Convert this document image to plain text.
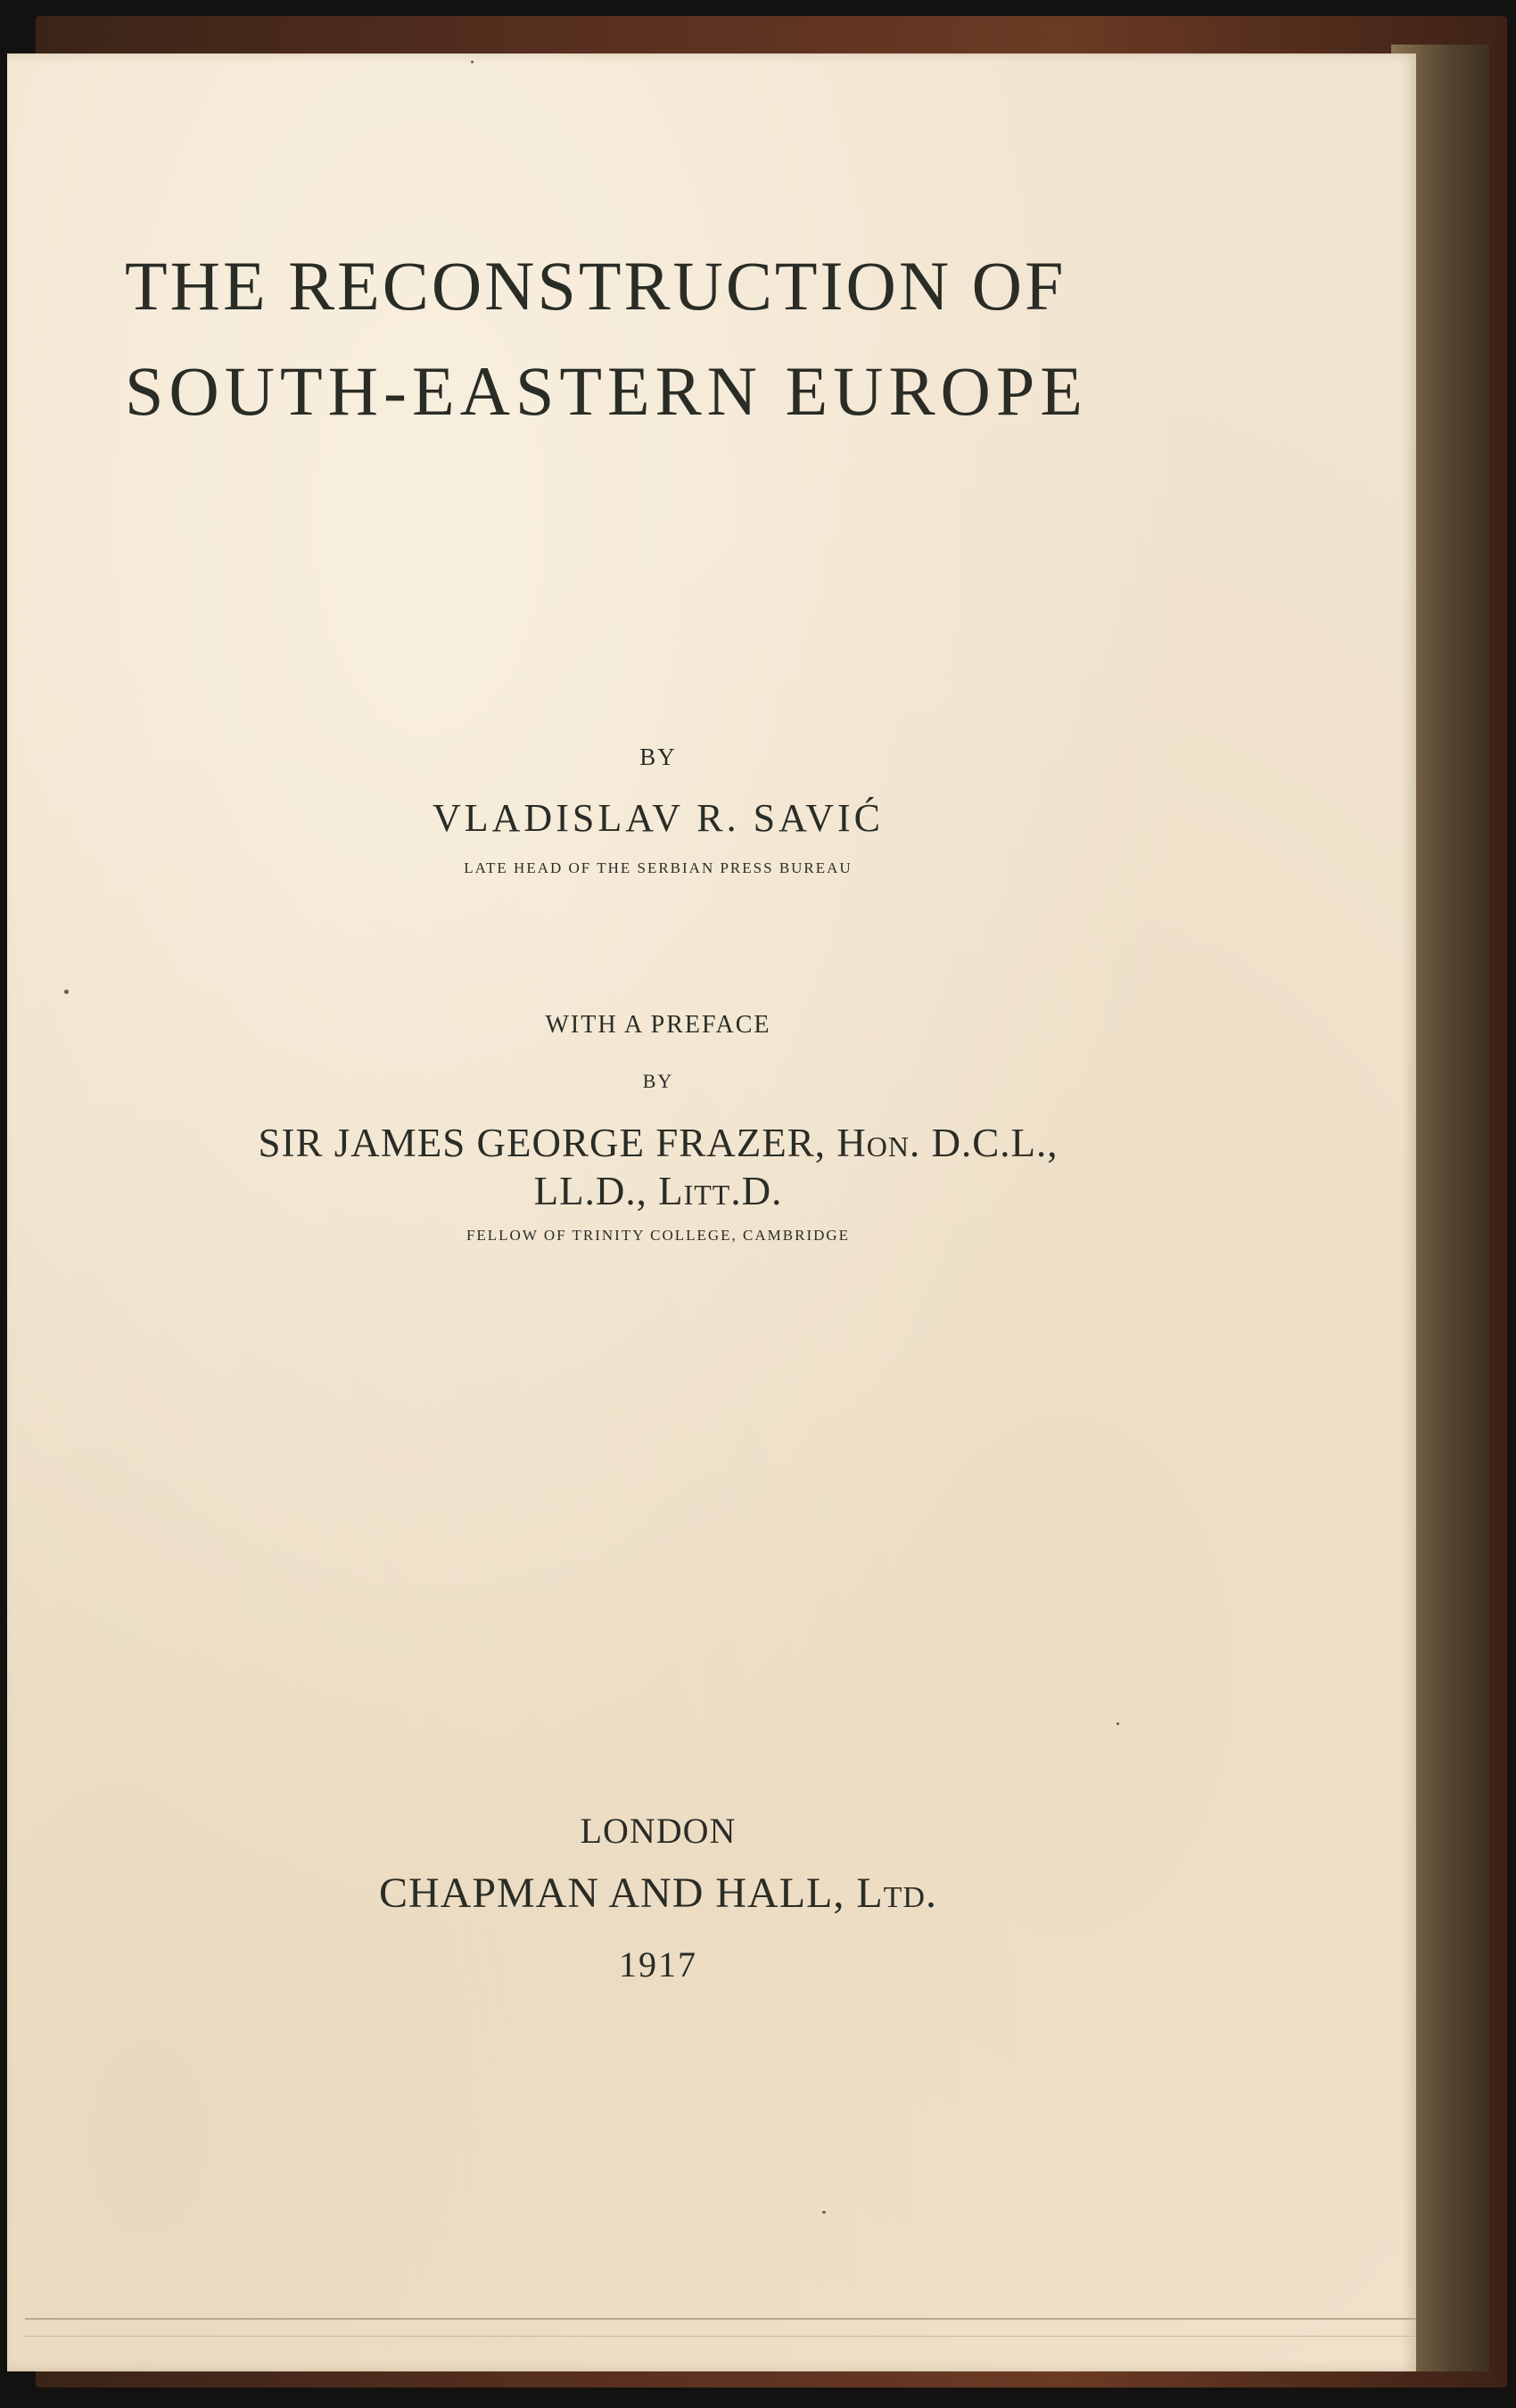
THE RECONSTRUCTION OF
SOUTH-EASTERN EUROPE
BY
VLADISLAV R. SAVIĆ
LATE HEAD OF THE SERBIAN PRESS BUREAU
WITH A PREFACE
BY
SIR JAMES GEORGE FRAZER, Hon. D.C.L.,
LL.D., Litt.D.
FELLOW OF TRINITY COLLEGE, CAMBRIDGE
LONDON
CHAPMAN AND HALL, Ltd.
1917
